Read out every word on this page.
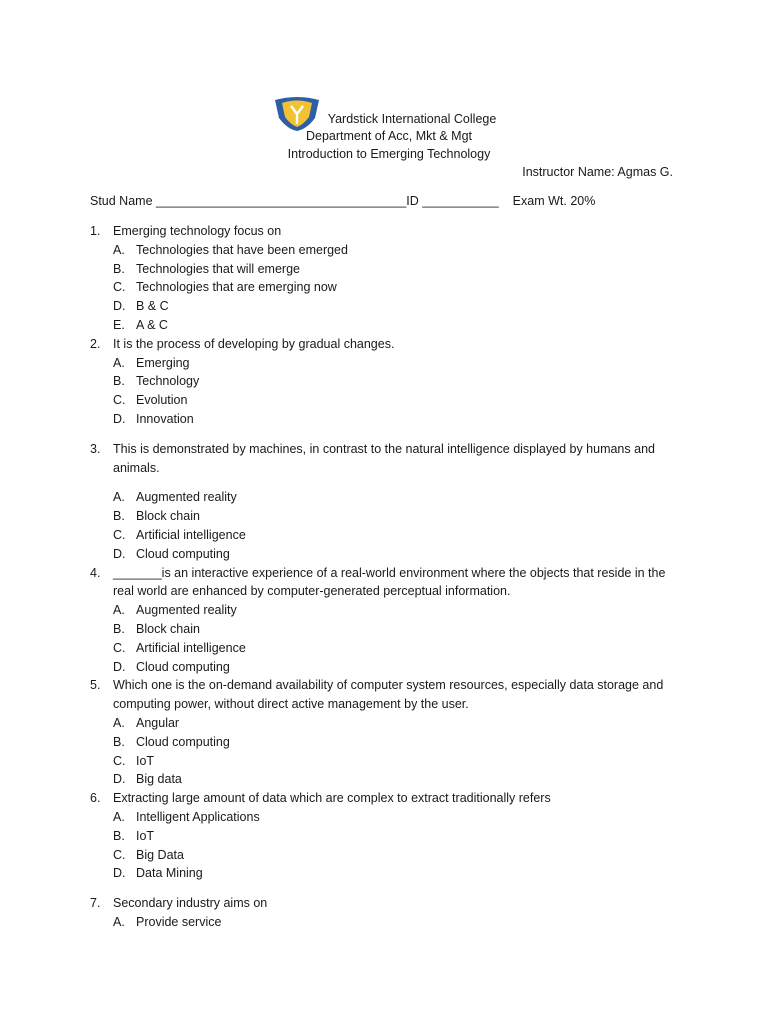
Yardstick International College
Department of Acc, Mkt & Mgt
Introduction to Emerging Technology
Instructor Name: Agmas G.
Stud Name ____________________________________ID ___________ Exam Wt. 20%
1.	Emerging technology focus on
A. Technologies that have been emerged
B. Technologies that will emerge
C. Technologies that are emerging now
D. B & C
E. A & C
2.	It is the process of developing by gradual changes.
A. Emerging
B. Technology
C. Evolution
D. Innovation
3.	This is demonstrated by machines, in contrast to the natural intelligence displayed by humans and animals.
A. Augmented reality
B. Block chain
C. Artificial intelligence
D. Cloud computing
4.	_______is an interactive experience of a real-world environment where the objects that reside in the real world are enhanced by computer-generated perceptual information.
A. Augmented reality
B. Block chain
C. Artificial intelligence
D. Cloud computing
5.	Which one is the on-demand availability of computer system resources, especially data storage and computing power, without direct active management by the user.
A. Angular
B. Cloud computing
C. IoT
D. Big data
6.	Extracting large amount of data which are complex to extract traditionally refers
A. Intelligent Applications
B. IoT
C. Big Data
D. Data Mining
7.	Secondary industry aims on
A. Provide service
